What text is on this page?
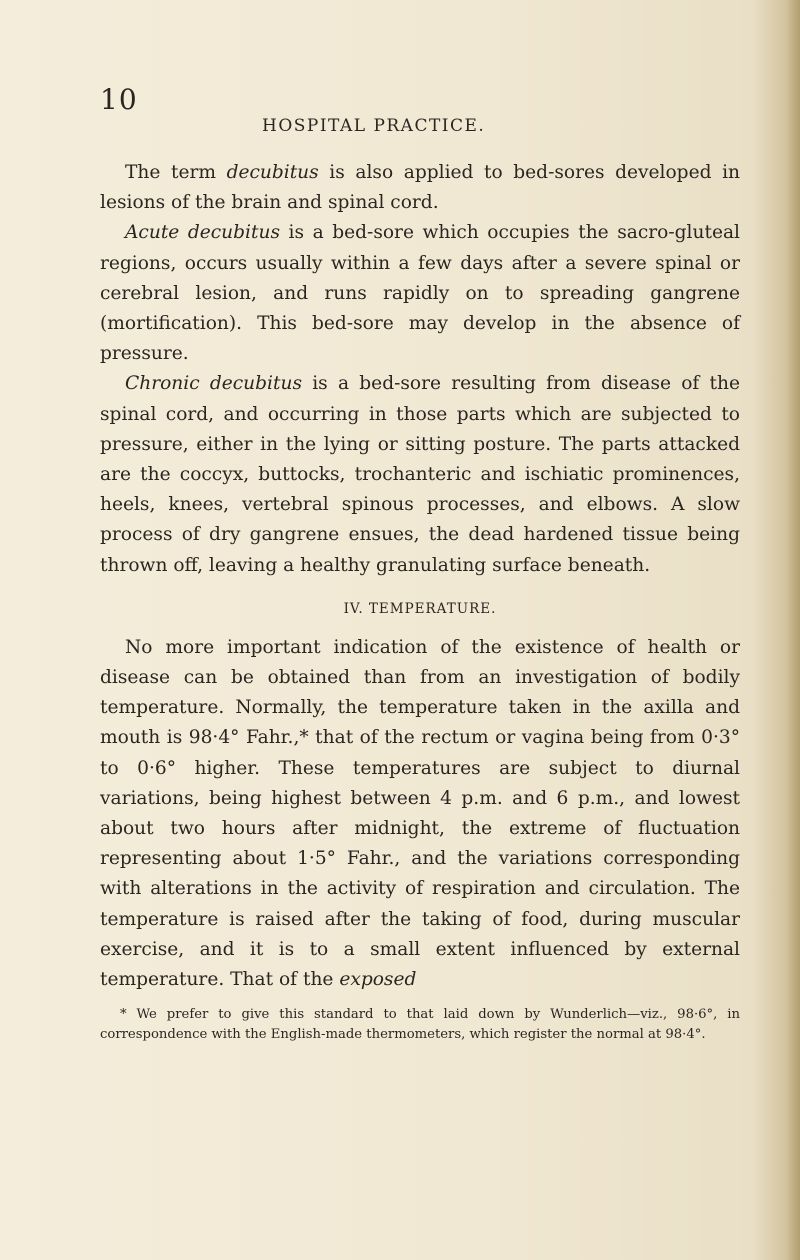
10
HOSPITAL PRACTICE.

The term decubitus is also applied to bed-sores developed in lesions of the brain and spinal cord.

Acute decubitus is a bed-sore which occupies the sacro-gluteal regions, occurs usually within a few days after a severe spinal or cerebral lesion, and runs rapidly on to spreading gangrene (mortification). This bed-sore may develop in the absence of pressure.

Chronic decubitus is a bed-sore resulting from disease of the spinal cord, and occurring in those parts which are subjected to pressure, either in the lying or sitting posture. The parts attacked are the coccyx, buttocks, trochanteric and ischiatic prominences, heels, knees, vertebral spinous processes, and elbows. A slow process of dry gangrene ensues, the dead hardened tissue being thrown off, leaving a healthy granulating surface beneath.

IV. TEMPERATURE.

No more important indication of the existence of health or disease can be obtained than from an investigation of bodily temperature. Normally, the temperature taken in the axilla and mouth is 98·4° Fahr.,* that of the rectum or vagina being from 0·3° to 0·6° higher. These temperatures are subject to diurnal variations, being highest between 4 p.m. and 6 p.m., and lowest about two hours after midnight, the extreme of fluctuation representing about 1·5° Fahr., and the variations corresponding with alterations in the activity of respiration and circulation. The temperature is raised after the taking of food, during muscular exercise, and it is to a small extent influenced by external temperature. That of the exposed

* We prefer to give this standard to that laid down by Wunderlich—viz., 98·6°, in correspondence with the English-made thermometers, which register the normal at 98·4°.
